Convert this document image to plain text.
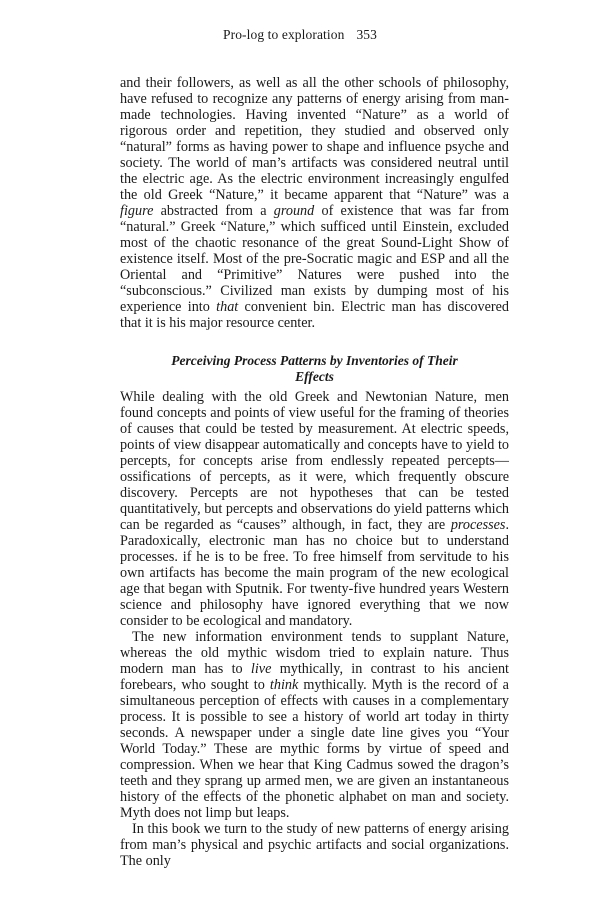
Pro-log to exploration 353

and their followers, as well as all the other schools of philosophy, have refused to recognize any patterns of energy arising from man-made technologies. Having invented “Nature” as a world of rigorous order and repetition, they studied and observed only “natural” forms as having power to shape and influence psyche and society. The world of man’s artifacts was considered neutral until the electric age. As the electric environment increasingly engulfed the old Greek “Nature,” it became apparent that “Nature” was a figure abstracted from a ground of existence that was far from “natural.” Greek “Nature,” which sufficed until Einstein, excluded most of the chaotic resonance of the great Sound-Light Show of existence itself. Most of the pre-Socratic magic and ESP and all the Oriental and “Primitive” Natures were pushed into the “subconscious.” Civilized man exists by dumping most of his experience into that convenient bin. Electric man has discovered that it is his major resource center.

Perceiving Process Patterns by Inventories of Their
Effects

While dealing with the old Greek and Newtonian Nature, men found concepts and points of view useful for the framing of theories of causes that could be tested by measurement. At electric speeds, points of view disappear automatically and concepts have to yield to percepts, for concepts arise from endlessly repeated percepts—ossifications of percepts, as it were, which frequently obscure discovery. Percepts are not hypotheses that can be tested quantitatively, but percepts and observations do yield patterns which can be regarded as “causes” although, in fact, they are processes. Paradoxically, electronic man has no choice but to understand processes. if he is to be free. To free himself from servitude to his own artifacts has become the main program of the new ecological age that began with Sputnik. For twenty-five hundred years Western science and philosophy have ignored everything that we now consider to be ecological and mandatory.

The new information environment tends to supplant Nature, whereas the old mythic wisdom tried to explain nature. Thus modern man has to live mythically, in contrast to his ancient forebears, who sought to think mythically. Myth is the record of a simultaneous perception of effects with causes in a complementary process. It is possible to see a history of world art today in thirty seconds. A newspaper under a single date line gives you “Your World Today.” These are mythic forms by virtue of speed and compression. When we hear that King Cadmus sowed the dragon’s teeth and they sprang up armed men, we are given an instantaneous history of the effects of the phonetic alphabet on man and society. Myth does not limp but leaps.

In this book we turn to the study of new patterns of energy arising from man’s physical and psychic artifacts and social organizations. The only
